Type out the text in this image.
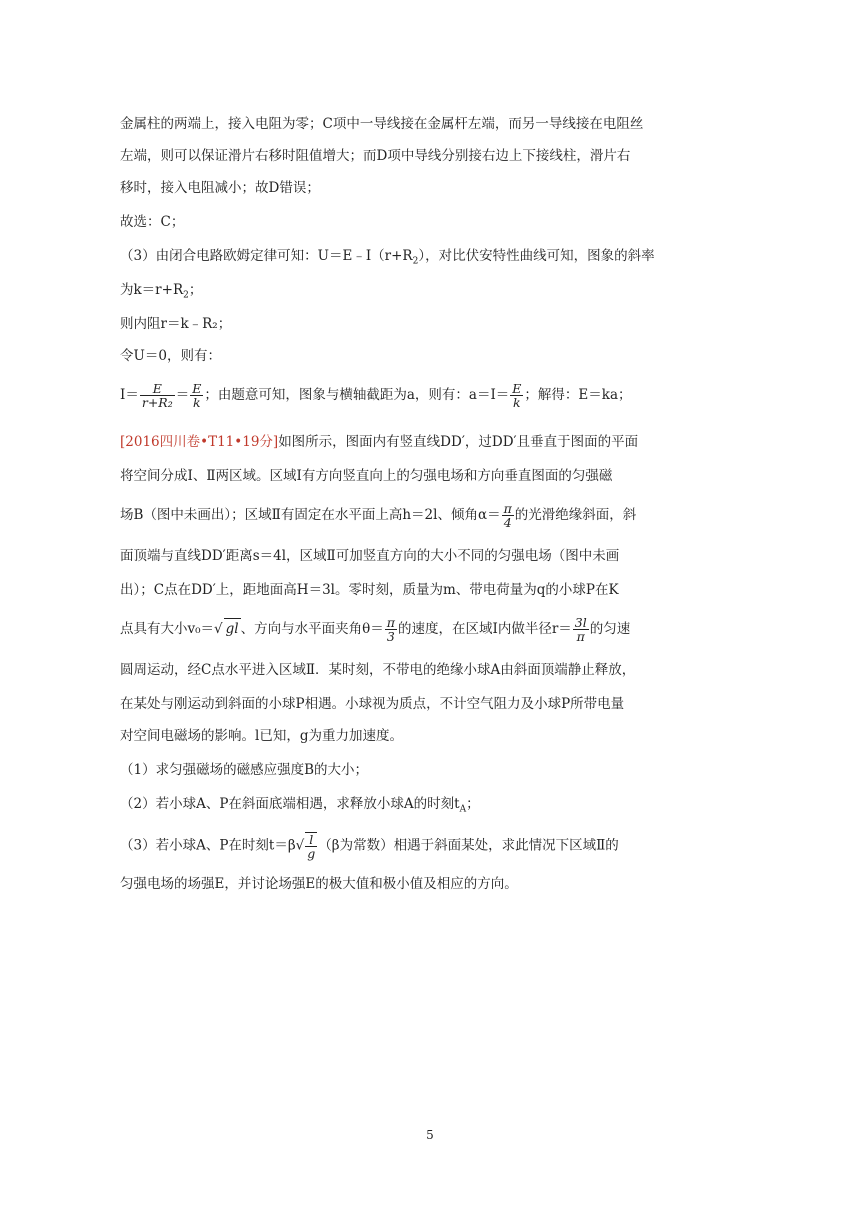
金属柱的两端上，接入电阻为零；C项中一导线接在金属杆左端，而另一导线接在电阻丝
左端，则可以保证滑片右移时阻值增大；而D项中导线分别接右边上下接线柱，滑片右
移时，接入电阻减小；故D错误；
故选：C；
（3）由闭合电路欧姆定律可知：$U=E﹣I(r+R_2)$，对比伏安特性曲线可知，图象的斜率
为$k=r+R_2$；
则内阻r＝k﹣R₂；
令U＝0，则有：
$I= \frac{E}{\text{r+R₂}} = \frac{E}{k}$ ；由题意可知，图象与横轴截距为a，则有：$a=I= \frac{E}{k}$ ；解得：E＝ka；
[2016四川卷•T11•19分]如图所示，图面内有竖直线DD′，过DD′且垂直于图面的平面
将空间分成Ⅰ、Ⅱ两区域。区域Ⅰ有方向竖直向上的匀强电场和方向垂直图面的匀强磁
场B（图中未画出）；区域Ⅱ有固定在水平面上高h＝2l、倾角$\alpha= \frac{\pi}{4}$ 的光滑绝缘斜面，斜
面顶端与直线DD′距离s＝4l，区域Ⅱ可加竖直方向的大小不同的匀强电场（图中未画
出）；C点在DD′上，距地面高H＝3l。零时刻，质量为m、带电荷量为q的小球P在K
点具有大小v₀＝√ gl 、方向与水平面夹角$\theta= \frac{\pi}{3}$ 的速度，在区域Ⅰ内做半径$r= \frac{3l}{\pi}$ 的匀速
圆周运动，经C点水平进入区域Ⅱ．某时刻，不带电的绝缘小球A由斜面顶端静止释放，
在某处与刚运动到斜面的小球P相遇。小球视为质点，不计空气阻力及小球P所带电量
对空间电磁场的影响。l已知，g为重力加速度。
（1）求匀强磁场的磁感应强度B的大小；
（2）若小球A、P在斜面底端相遇，求释放小球A的时刻$t_A$；
（3）若小球A、P在时刻$t=\beta√ \frac{l}{g} (\beta$为常数）相遇于斜面某处，求此情况下区域Ⅱ的
匀强电场的场强E，并讨论场强E的极大值和极小值及相应的方向。
5
